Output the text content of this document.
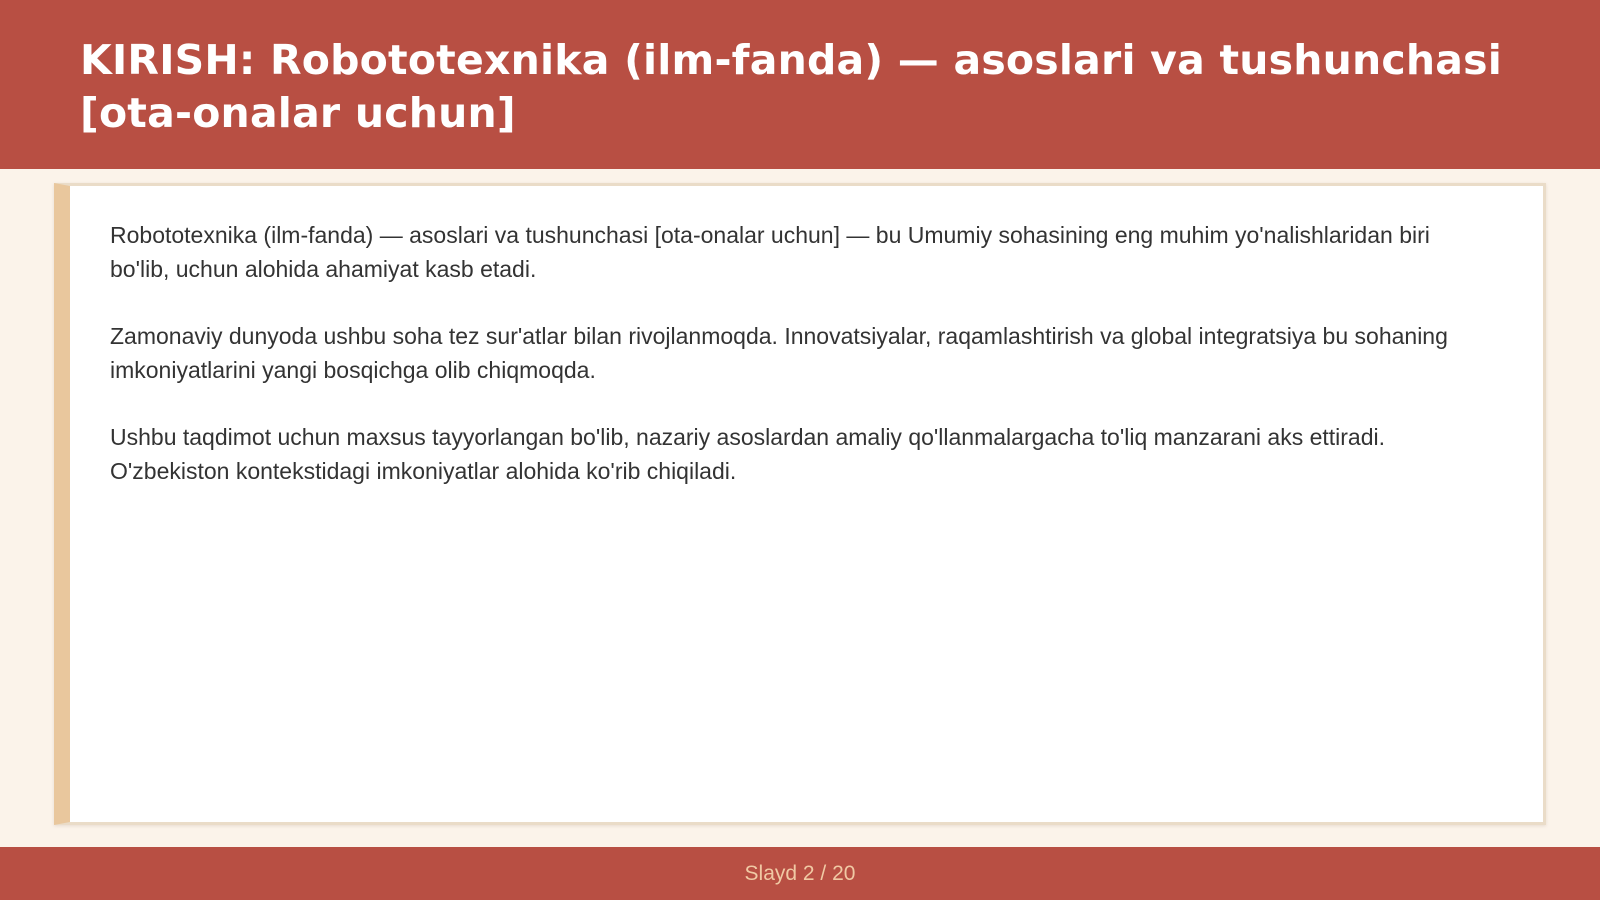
KIRISH: Robototexnika (ilm-fanda) — asoslari va tushunchasi [ota-onalar uchun]

Robototexnika (ilm-fanda) — asoslari va tushunchasi [ota-onalar uchun] — bu Umumiy sohasining eng muhim yo'nalishlaridan biri bo'lib, uchun alohida ahamiyat kasb etadi.

Zamonaviy dunyoda ushbu soha tez sur'atlar bilan rivojlanmoqda. Innovatsiyalar, raqamlashtirish va global integratsiya bu sohaning imkoniyatlarini yangi bosqichga olib chiqmoqda.

Ushbu taqdimot uchun maxsus tayyorlangan bo'lib, nazariy asoslardan amaliy qo'llanmalargacha to'liq manzarani aks ettiradi. O'zbekiston kontekstidagi imkoniyatlar alohida ko'rib chiqiladi.

Slayd 2 / 20
